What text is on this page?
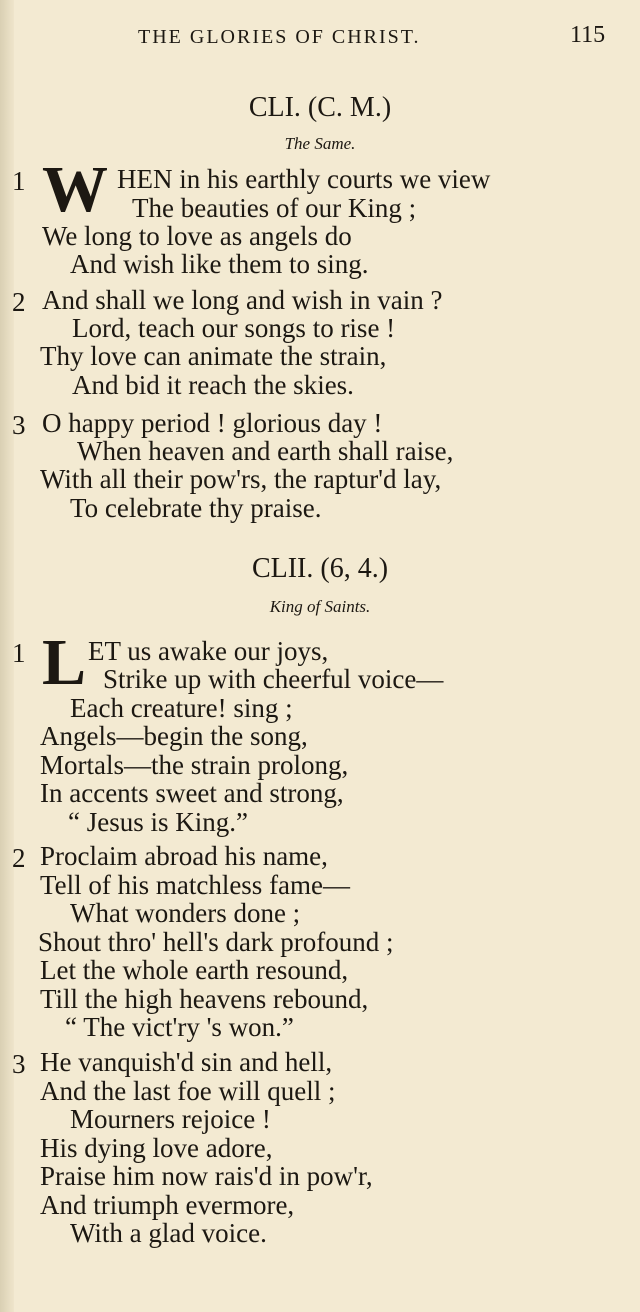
THE GLORIES OF CHRIST.	115
CLI. (C. M.)
The Same.
1 W HEN in his earthly courts we view
The beauties of our King ;
We long to love as angels do
And wish like them to sing.
2 And shall we long and wish in vain ?
Lord, teach our songs to rise !
Thy love can animate the strain,
And bid it reach the skies.
3 O happy period ! glorious day !
When heaven and earth shall raise,
With all their pow'rs, the raptur'd lay,
To celebrate thy praise.
CLII. (6, 4.)
King of Saints.
1 L ET us awake our joys,
Strike up with cheerful voice—
Each creature! sing ;
Angels—begin the song,
Mortals—the strain prolong,
In accents sweet and strong,
“ Jesus is King.”
2 Proclaim abroad his name,
Tell of his matchless fame—
What wonders done ;
Shout thro' hell's dark profound ;
Let the whole earth resound,
Till the high heavens rebound,
“ The vict'ry 's won.”
3 He vanquish'd sin and hell,
And the last foe will quell ;
Mourners rejoice !
His dying love adore,
Praise him now rais'd in pow'r,
And triumph evermore,
With a glad voice.
